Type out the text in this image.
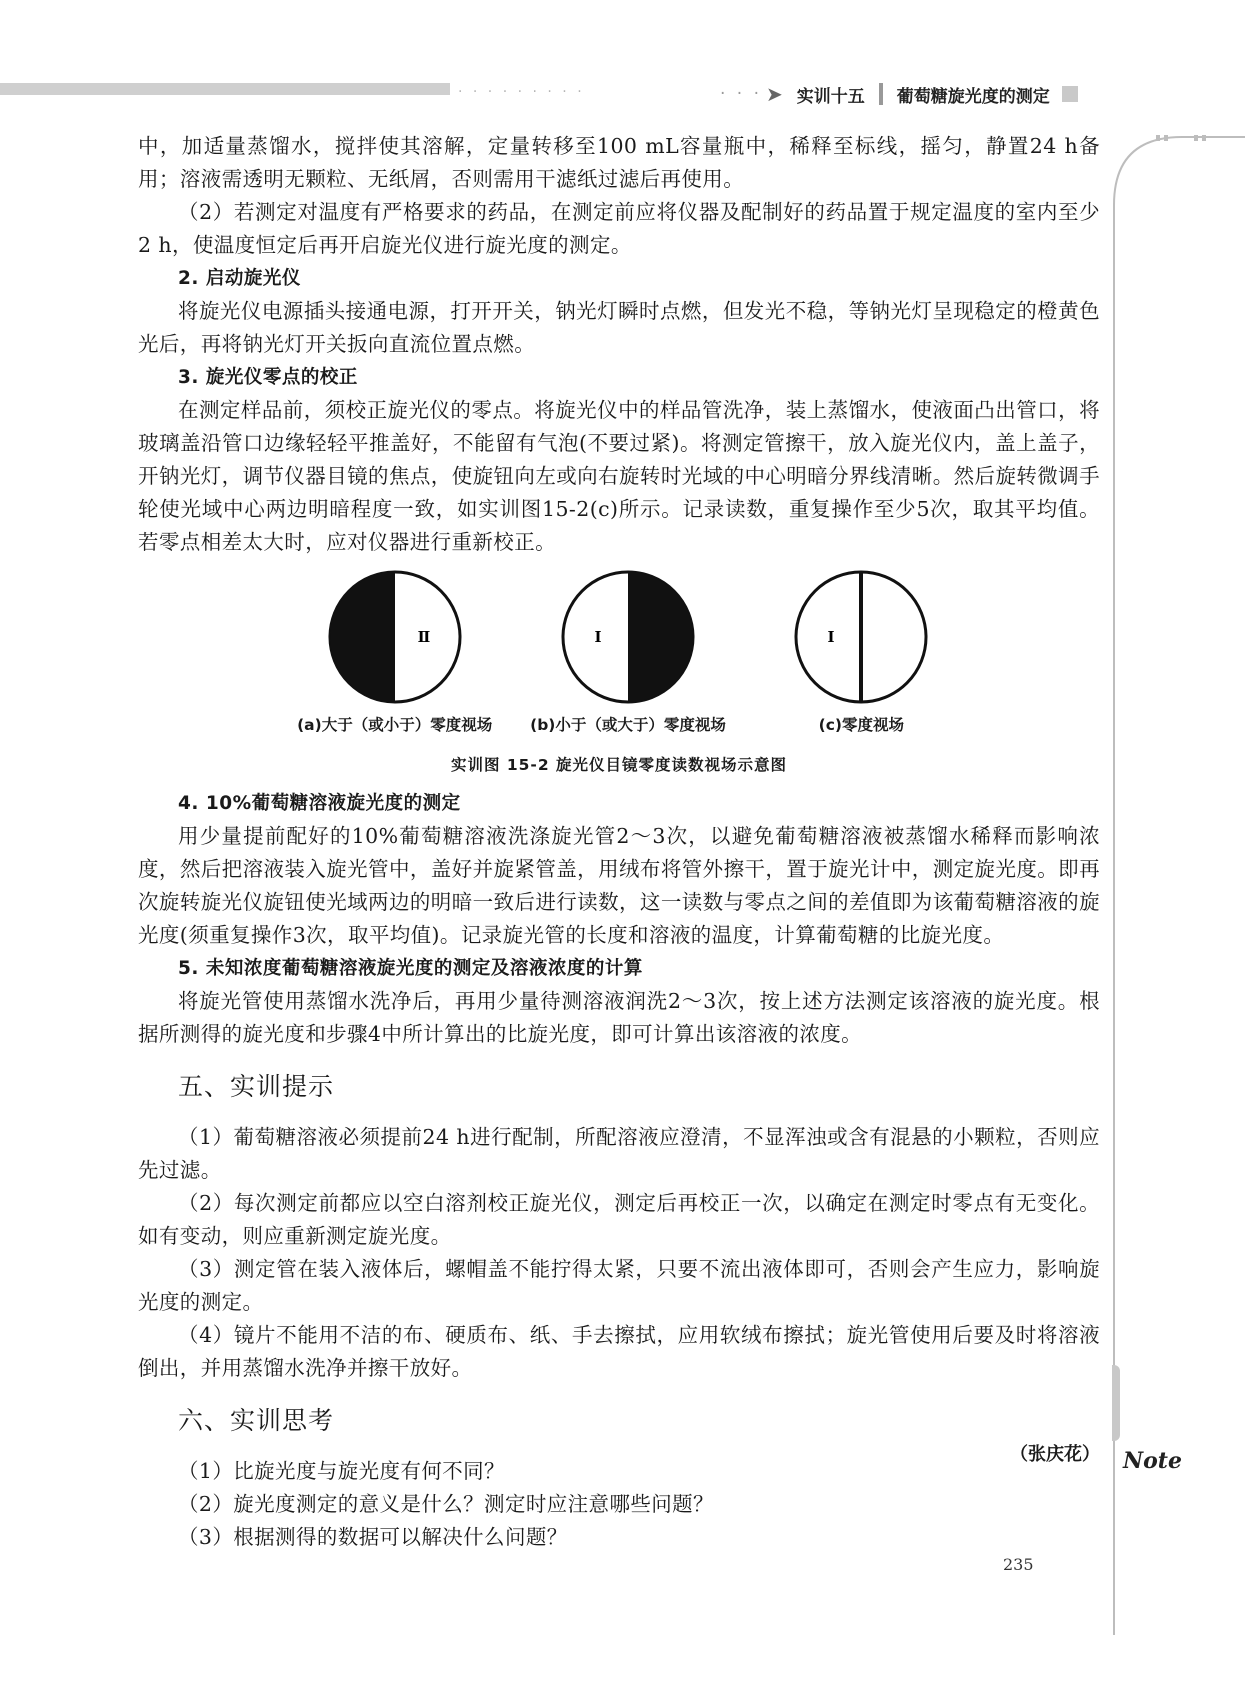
· · · · · · · · ·	· · · ➤ 实训十五 葡萄糖旋光度的测定

中，加适量蒸馏水，搅拌使其溶解，定量转移至100 mL容量瓶中，稀释至标线，摇匀，静置24 h备用；溶液需透明无颗粒、无纸屑，否则需用干滤纸过滤后再使用。

（2）若测定对温度有严格要求的药品，在测定前应将仪器及配制好的药品置于规定温度的室内至少2 h，使温度恒定后再开启旋光仪进行旋光度的测定。

2. 启动旋光仪

将旋光仪电源插头接通电源，打开开关，钠光灯瞬时点燃，但发光不稳，等钠光灯呈现稳定的橙黄色光后，再将钠光灯开关扳向直流位置点燃。

3. 旋光仪零点的校正

在测定样品前，须校正旋光仪的零点。将旋光仪中的样品管洗净，装上蒸馏水，使液面凸出管口，将玻璃盖沿管口边缘轻轻平推盖好，不能留有气泡(不要过紧)。将测定管擦干，放入旋光仪内，盖上盖子，开钠光灯，调节仪器目镜的焦点，使旋钮向左或向右旋转时光域的中心明暗分界线清晰。然后旋转微调手轮使光域中心两边明暗程度一致，如实训图15-2(c)所示。记录读数，重复操作至少5次，取其平均值。若零点相差太大时，应对仪器进行重新校正。

Ⅱ
(a)大于（或小于）零度视场
Ⅰ
(b)小于（或大于）零度视场
Ⅰ
(c)零度视场
实训图 15-2 旋光仪目镜零度读数视场示意图
4. 10%葡萄糖溶液旋光度的测定

用少量提前配好的10%葡萄糖溶液洗涤旋光管2～3次，以避免葡萄糖溶液被蒸馏水稀释而影响浓度，然后把溶液装入旋光管中，盖好并旋紧管盖，用绒布将管外擦干，置于旋光计中，测定旋光度。即再次旋转旋光仪旋钮使光域两边的明暗一致后进行读数，这一读数与零点之间的差值即为该葡萄糖溶液的旋光度(须重复操作3次，取平均值)。记录旋光管的长度和溶液的温度，计算葡萄糖的比旋光度。

5. 未知浓度葡萄糖溶液旋光度的测定及溶液浓度的计算

将旋光管使用蒸馏水洗净后，再用少量待测溶液润洗2～3次，按上述方法测定该溶液的旋光度。根据所测得的旋光度和步骤4中所计算出的比旋光度，即可计算出该溶液的浓度。

五、实训提示

（1）葡萄糖溶液必须提前24 h进行配制，所配溶液应澄清，不显浑浊或含有混悬的小颗粒，否则应先过滤。

（2）每次测定前都应以空白溶剂校正旋光仪，测定后再校正一次，以确定在测定时零点有无变化。如有变动，则应重新测定旋光度。

（3）测定管在装入液体后，螺帽盖不能拧得太紧，只要不流出液体即可，否则会产生应力，影响旋光度的测定。

（4）镜片不能用不洁的布、硬质布、纸、手去擦拭，应用软绒布擦拭；旋光管使用后要及时将溶液倒出，并用蒸馏水洗净并擦干放好。

六、实训思考

（1）比旋光度与旋光度有何不同？

（2）旋光度测定的意义是什么？测定时应注意哪些问题？

（3）根据测得的数据可以解决什么问题？

（张庆花） Note
235
